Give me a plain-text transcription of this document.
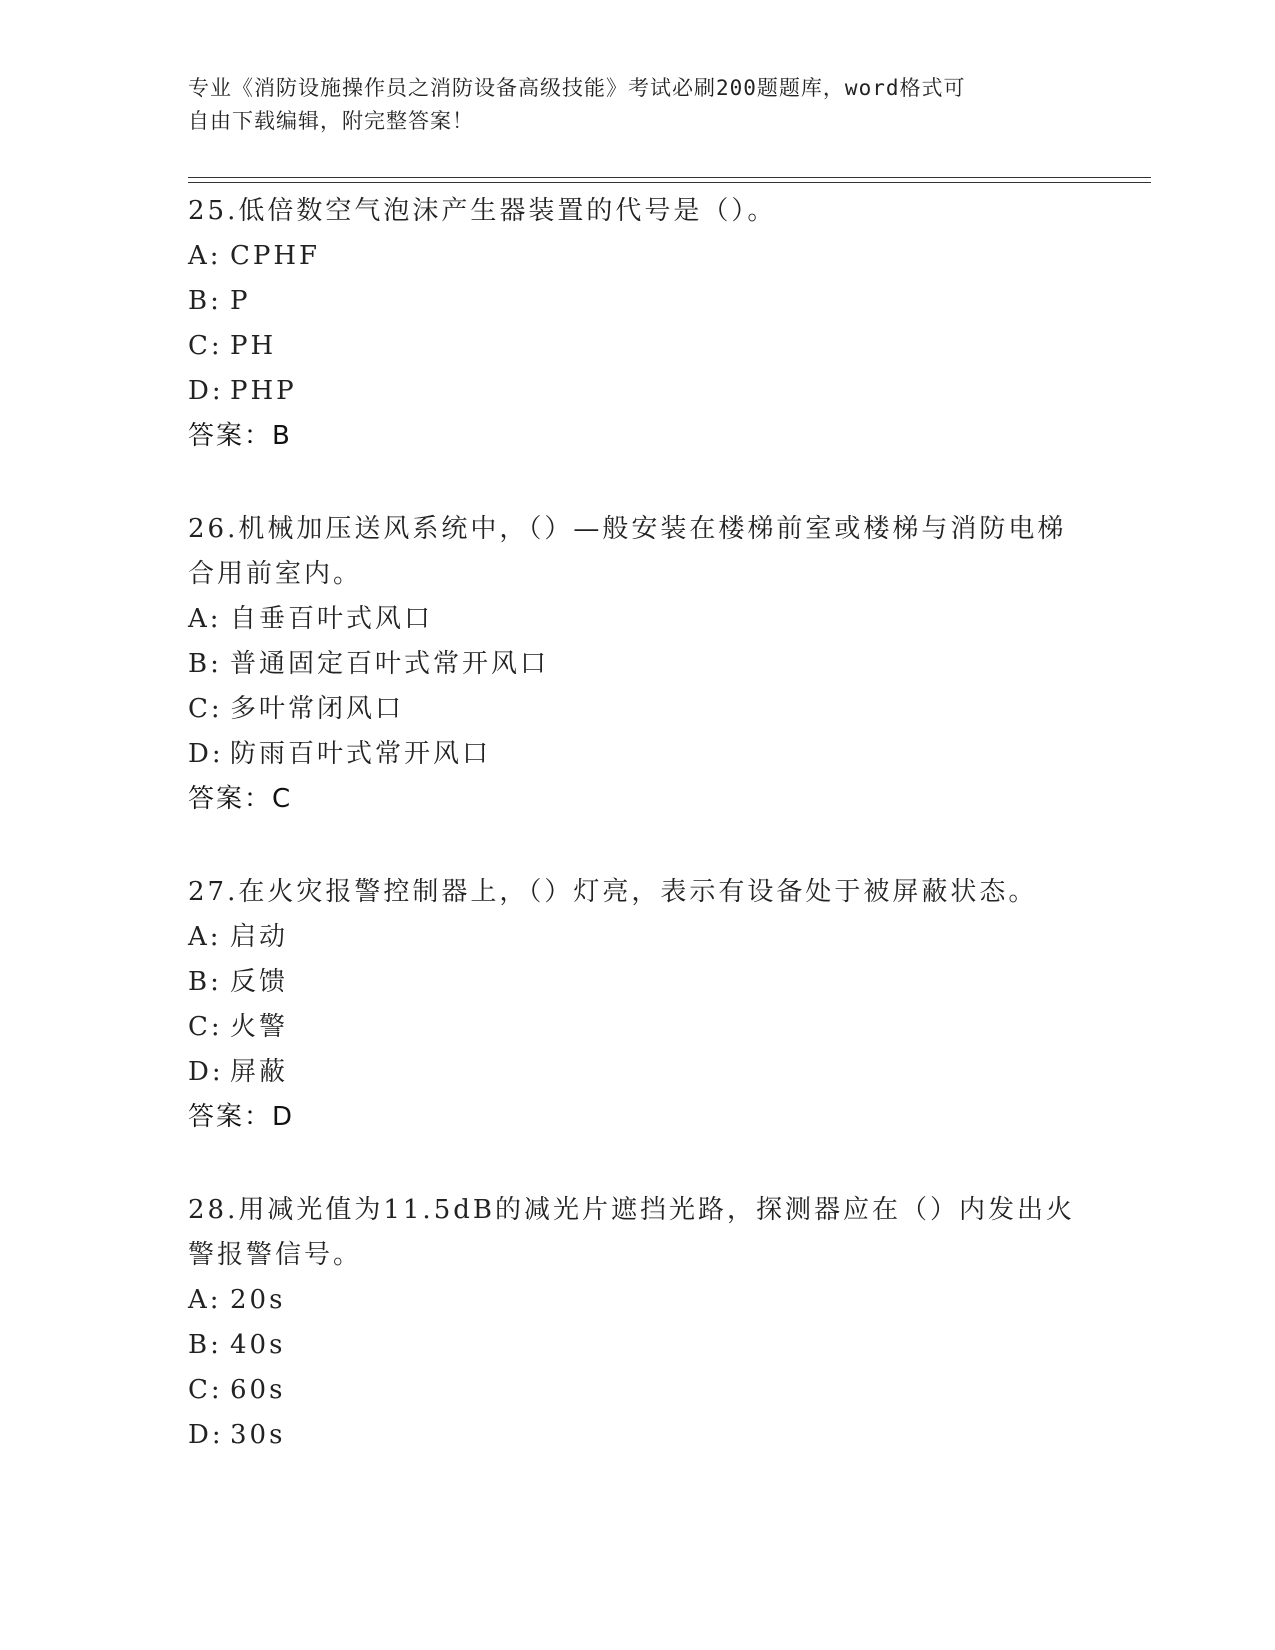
专业《消防设施操作员之消防设备高级技能》考试必刷200题题库，word格式可
自由下载编辑，附完整答案！

25.低倍数空气泡沫产生器装置的代号是（）。

A: CPHF

B: P

C: PH

D: PHP

答案：B

26.机械加压送风系统中，（）—般安装在楼梯前室或楼梯与消防电梯

合用前室内。

A: 自垂百叶式风口

B: 普通固定百叶式常开风口

C: 多叶常闭风口

D: 防雨百叶式常开风口

答案：C

27.在火灾报警控制器上，（）灯亮，表示有设备处于被屏蔽状态。

A: 启动

B: 反馈

C: 火警

D: 屏蔽

答案：D

28.用减光值为11.5dB的减光片遮挡光路，探测器应在（）内发出火

警报警信号。

A: 20s

B: 40s

C: 60s

D: 30s
